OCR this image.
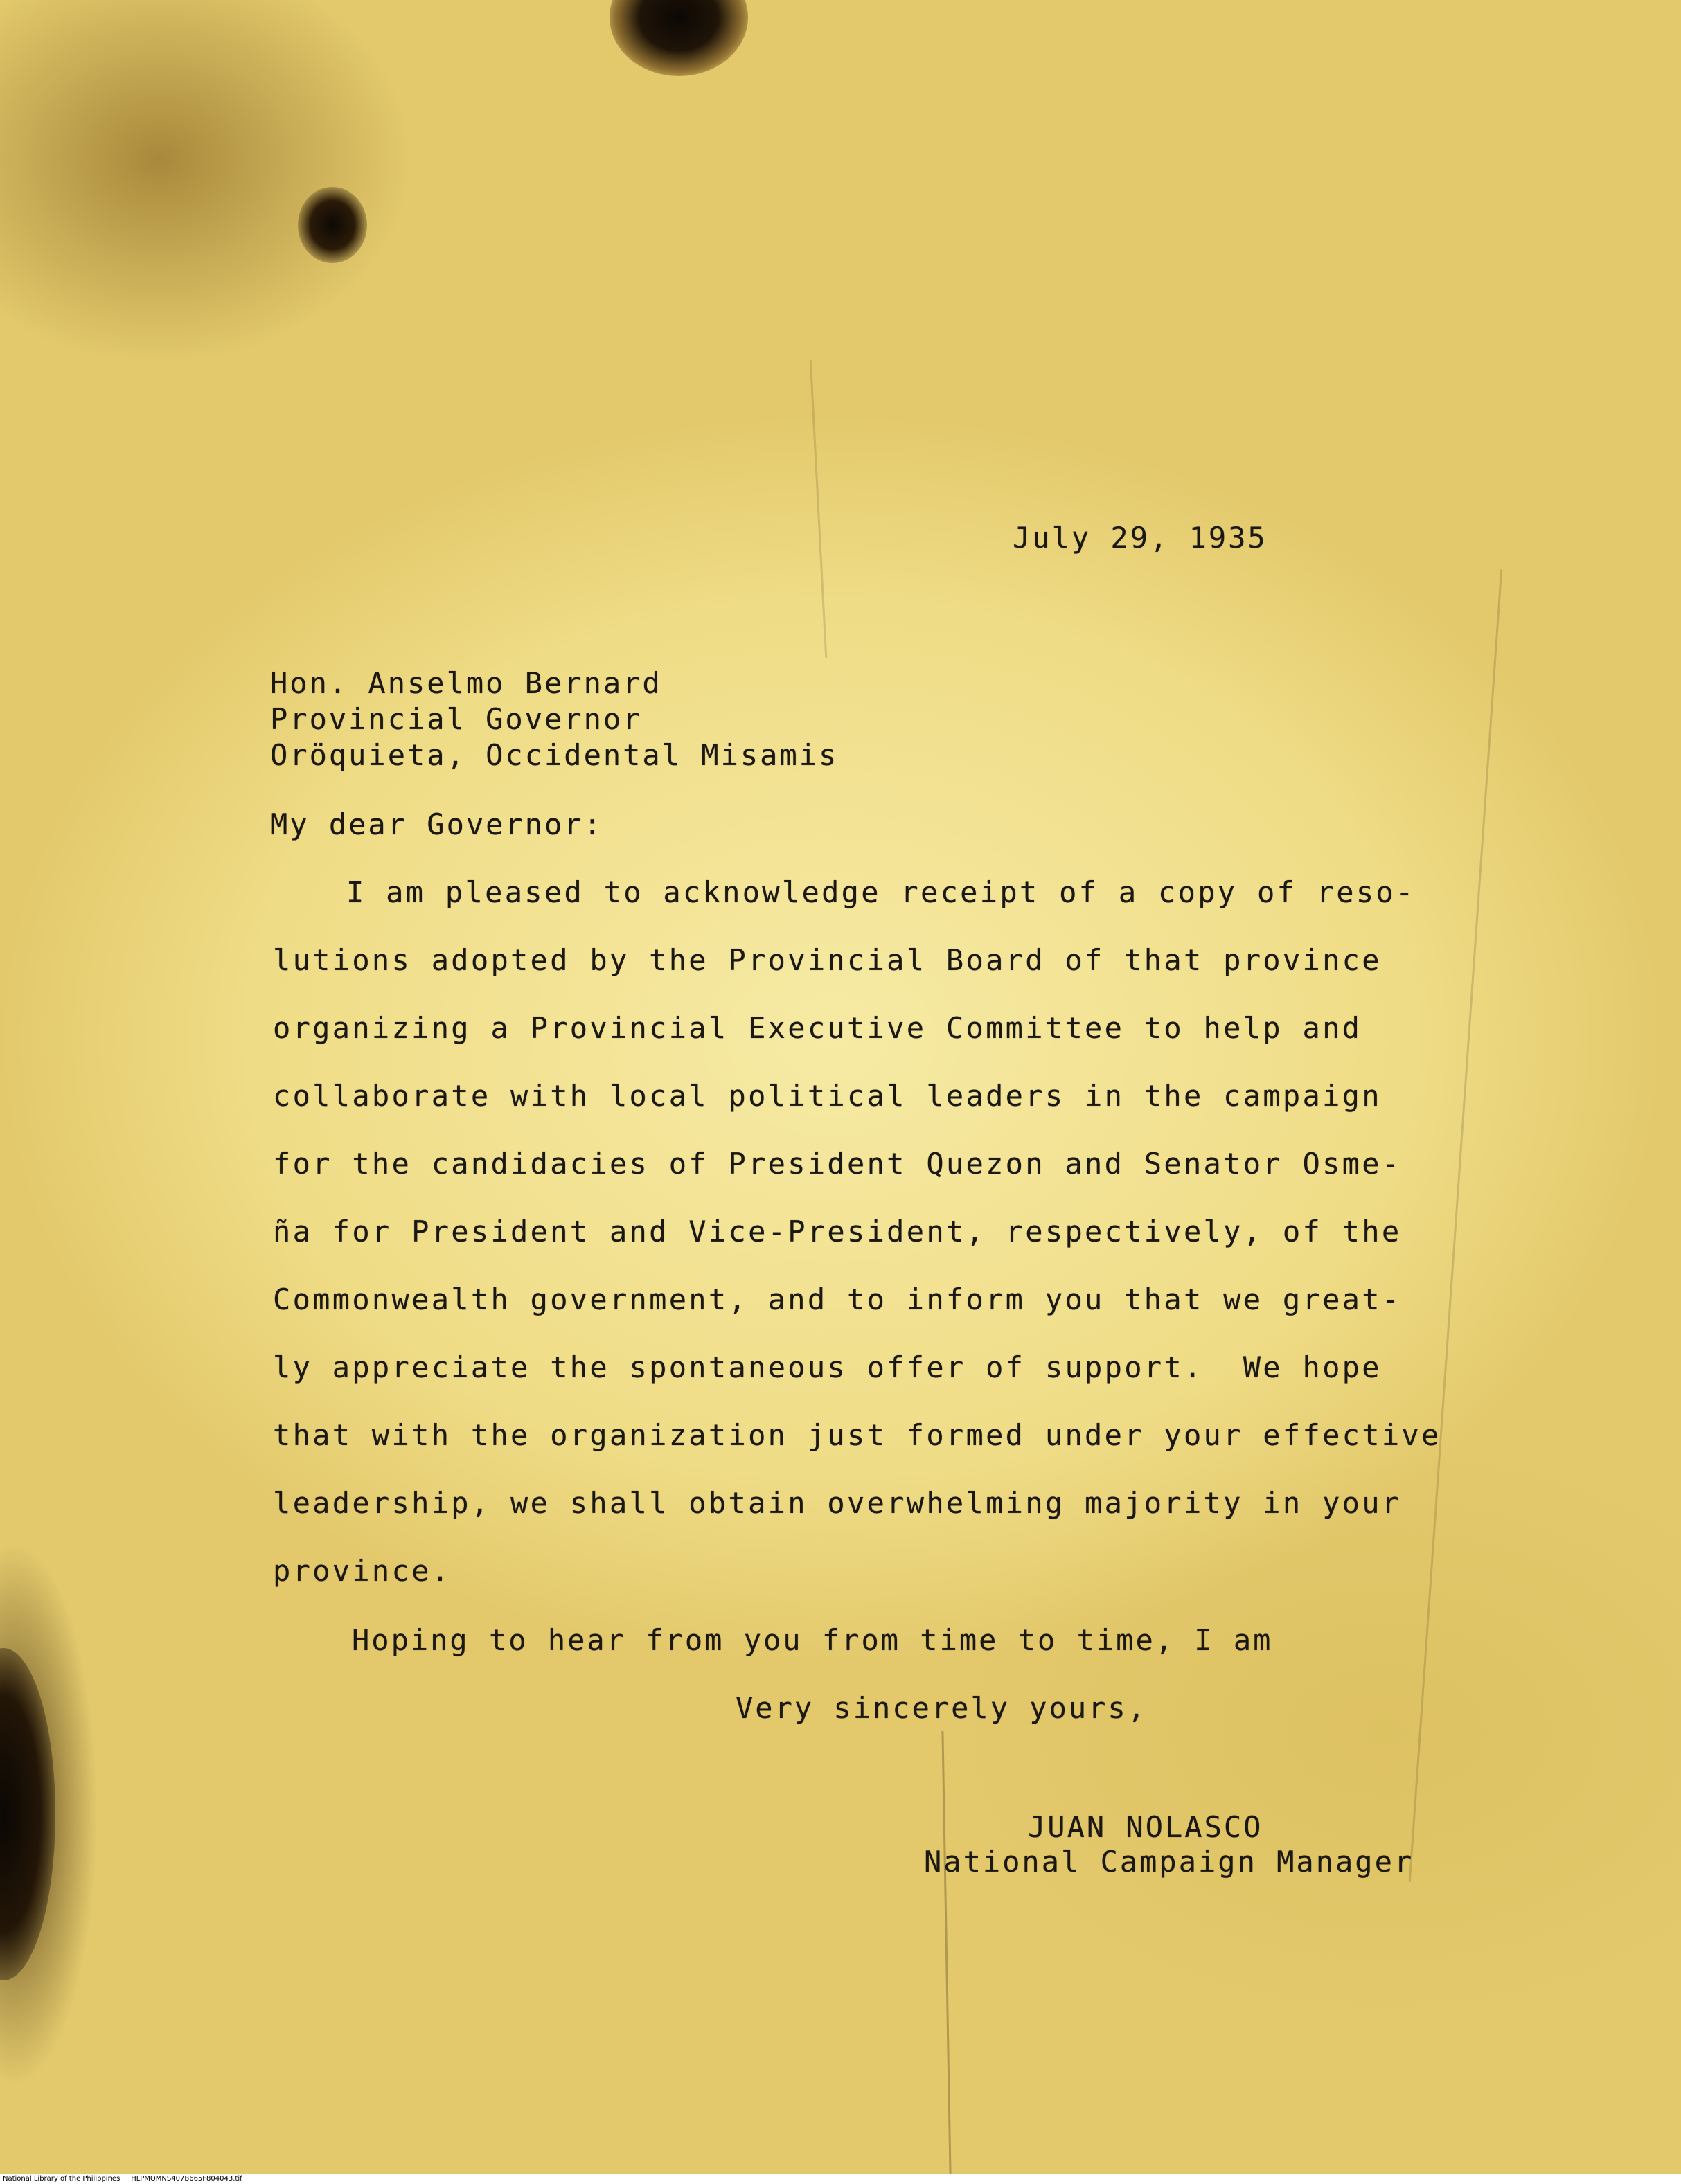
July 29, 1935

Hon. Anselmo Bernard

Provincial Governor

Oröquieta, Occidental Misamis

My dear Governor:

I am pleased to acknowledge receipt of a copy of reso-

lutions adopted by the Provincial Board of that province

organizing a Provincial Executive Committee to help and

collaborate with local political leaders in the campaign

for the candidacies of President Quezon and Senator Osme-

ña for President and Vice-President, respectively, of the

Commonwealth government, and to inform you that we great-

ly appreciate the spontaneous offer of support.  We hope

that with the organization just formed under your effective

leadership, we shall obtain overwhelming majority in your

province.

Hoping to hear from you from time to time, I am

Very sincerely yours,

JUAN NOLASCO

National Campaign Manager

National Library of the Philippines HLPMQMNS407B665F804043.tif
